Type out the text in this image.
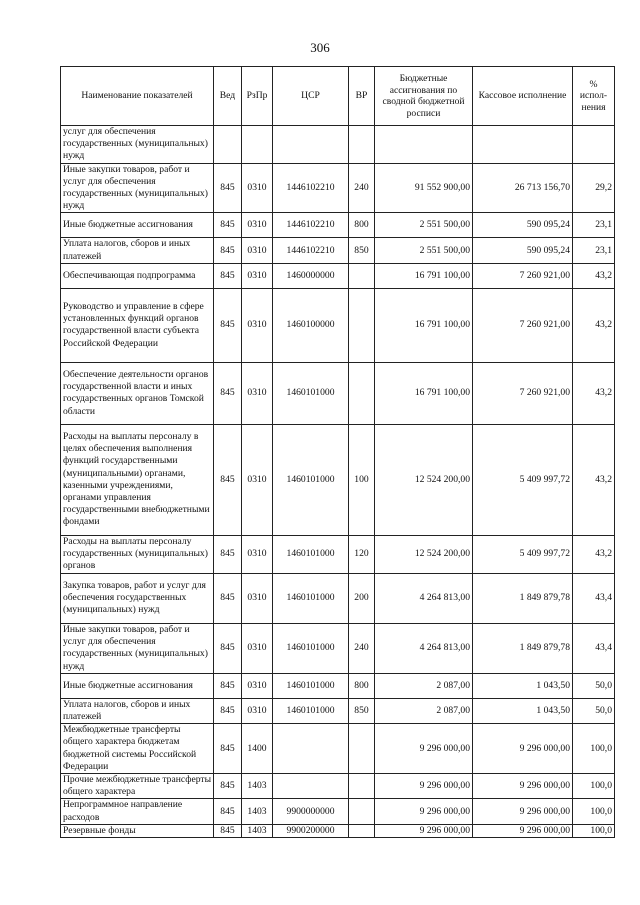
306
Наименование показателей	Вед	РзПр	ЦСР	ВР	Бюджетные ассигнования по сводной бюджетной росписи	Кассовое исполнение	% испол-нения
услуг для обеспечения государственных (муниципальных) нужд							
Иные закупки товаров, работ и услуг для обеспечения государственных (муниципальных) нужд	845	0310	1446102210	240	91 552 900,00	26 713 156,70	29,2
Иные бюджетные ассигнования	845	0310	1446102210	800	2 551 500,00	590 095,24	23,1
Уплата налогов, сборов и иных платежей	845	0310	1446102210	850	2 551 500,00	590 095,24	23,1
Обеспечивающая подпрограмма	845	0310	1460000000		16 791 100,00	7 260 921,00	43,2
Руководство и управление в сфере установленных функций органов государственной власти субъекта Российской Федерации	845	0310	1460100000		16 791 100,00	7 260 921,00	43,2
Обеспечение деятельности органов государственной власти и иных государственных органов Томской области	845	0310	1460101000		16 791 100,00	7 260 921,00	43,2
Расходы на выплаты персоналу в целях обеспечения выполнения функций государственными (муниципальными) органами, казенными учреждениями, органами управления государственными внебюджетными фондами	845	0310	1460101000	100	12 524 200,00	5 409 997,72	43,2
Расходы на выплаты персоналу государственных (муниципальных) органов	845	0310	1460101000	120	12 524 200,00	5 409 997,72	43,2
Закупка товаров, работ и услуг для обеспечения государственных (муниципальных) нужд	845	0310	1460101000	200	4 264 813,00	1 849 879,78	43,4
Иные закупки товаров, работ и услуг для обеспечения государственных (муниципальных) нужд	845	0310	1460101000	240	4 264 813,00	1 849 879,78	43,4
Иные бюджетные ассигнования	845	0310	1460101000	800	2 087,00	1 043,50	50,0
Уплата налогов, сборов и иных платежей	845	0310	1460101000	850	2 087,00	1 043,50	50,0
Межбюджетные трансферты общего характера бюджетам бюджетной системы Российской Федерации	845	1400			9 296 000,00	9 296 000,00	100,0
Прочие межбюджетные трансферты общего характера	845	1403			9 296 000,00	9 296 000,00	100,0
Непрограммное направление расходов	845	1403	9900000000		9 296 000,00	9 296 000,00	100,0
Резервные фонды	845	1403	9900200000		9 296 000,00	9 296 000,00	100,0
